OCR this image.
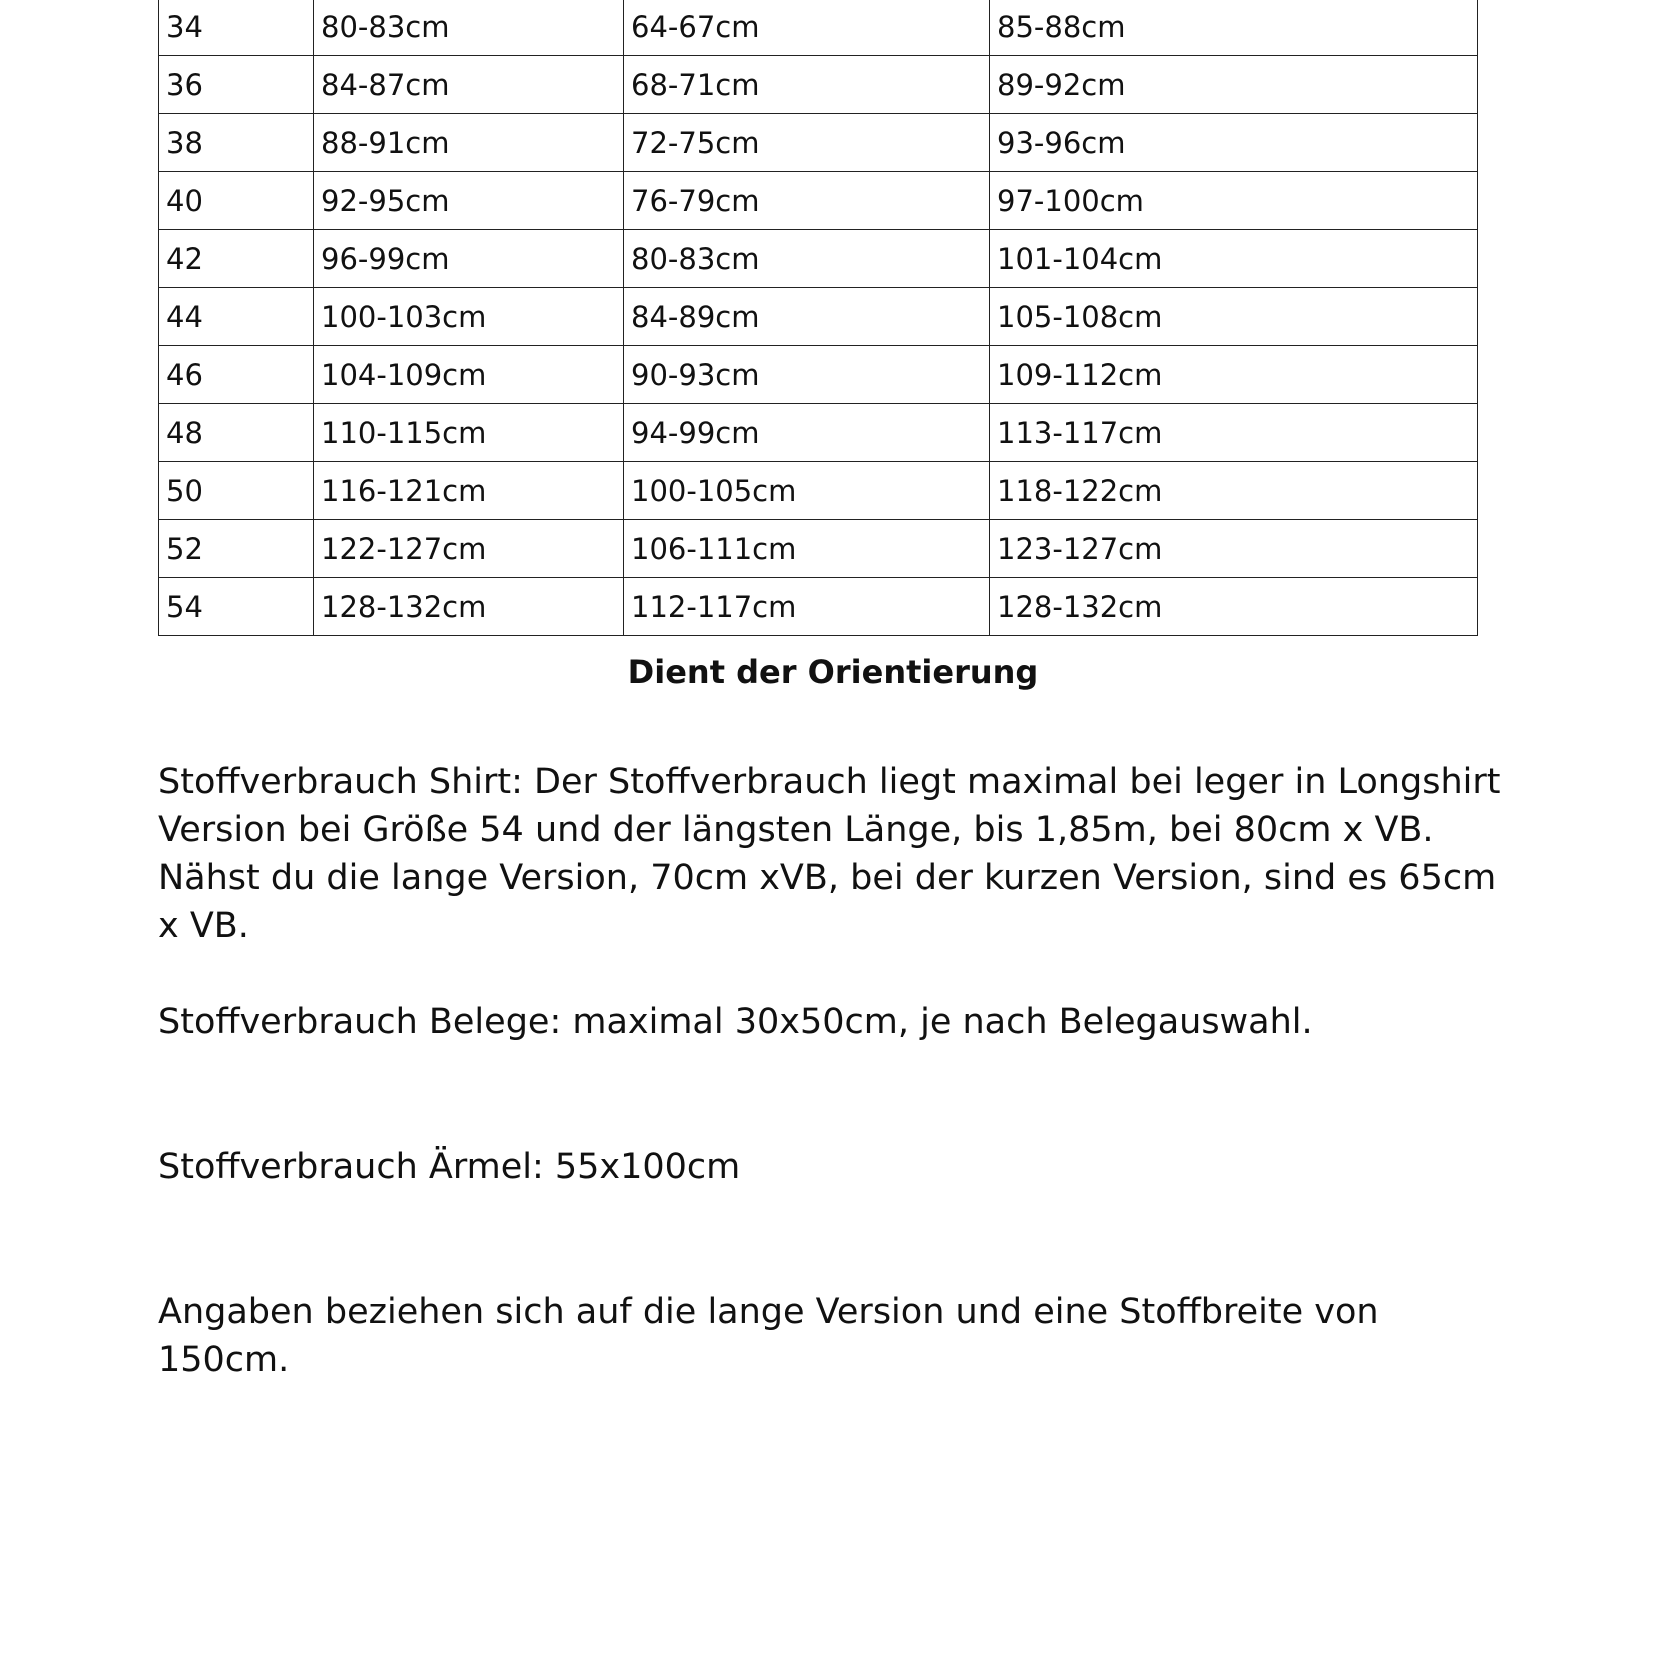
34	80-83cm	64-67cm	85-88cm
36	84-87cm	68-71cm	89-92cm
38	88-91cm	72-75cm	93-96cm
40	92-95cm	76-79cm	97-100cm
42	96-99cm	80-83cm	101-104cm
44	100-103cm	84-89cm	105-108cm
46	104-109cm	90-93cm	109-112cm
48	110-115cm	94-99cm	113-117cm
50	116-121cm	100-105cm	118-122cm
52	122-127cm	106-111cm	123-127cm
54	128-132cm	112-117cm	128-132cm
Dient der Orientierung

Stoffverbrauch Shirt: Der Stoffverbrauch liegt maximal bei leger in Longshirt Version bei Größe 54 und der längsten Länge, bis 1,85m, bei 80cm x VB. Nähst du die lange Version, 70cm xVB, bei der kurzen Version, sind es 65cm x VB.

Stoffverbrauch Belege: maximal 30x50cm, je nach Belegauswahl.

Stoffverbrauch Ärmel: 55x100cm

Angaben beziehen sich auf die lange Version und eine Stoffbreite von 150cm.
